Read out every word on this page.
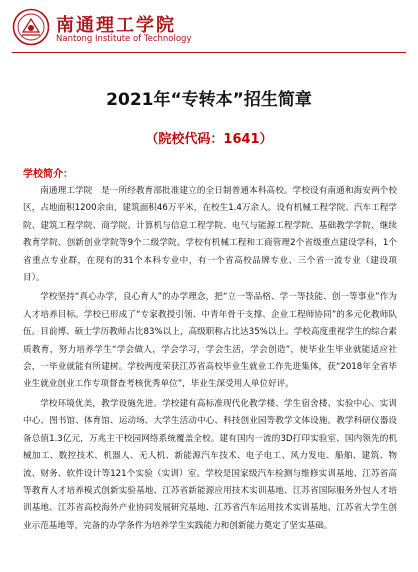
南通理工学院
Nantong Institute of Technology
2021年“专转本”招生简章
（院校代码：1641）
学校简介：

南通理工学院　是一所经教育部批准建立的全日制普通本科高校。学校设有南通和海安两个校区，占地面积1200余亩，建筑面积46万平米，在校生1.4万余人。设有机械工程学院、汽车工程学院、建筑工程学院、商学院、计算机与信息工程学院、电气与能源工程学院、基础教学学院、继续教育学院、创新创业学院等9个二级学院。学校有机械工程和工商管理2个省级重点建设学科，1个省重点专业群，在现有的31个本科专业中，有一个省高校品牌专业、三个省一流专业（建设项目）。

学校坚持“真心办学，良心育人”的办学理念，把“立一等品格、学一等技能、创一等事业”作为人才培养目标。学校已形成了“专家教授引领、中青年骨干支撑、企业工程师协同”的多元化教师队伍。目前博、硕士学历教师占比83%以上，高级职称占比达35%以上。学校高度重视学生的综合素质教育，努力培养学生“学会做人，学会学习，学会生活，学会创造”，使毕业生毕业就能适应社会，一毕业就能有所建树。学校两度荣获江苏省高校毕业生就业工作先进集体，获“2018年全省毕业生就业创业工作专项督查考核优秀单位”，毕业生深受用人单位好评。

学校环境优美，教学设施先进。学校建有高标准现代化教学楼、学生宿舍楼、实验中心、实训中心、图书馆、体育馆、运动场、大学生活动中心、科技创业园等教学文体设施。教学科研仪器设备总值1.3亿元，万兆主干校园网络系统覆盖全校。建有国内一流的3D打印实验室、国内领先的机械加工、数控技术、机器人、无人机、新能源汽车技术、电子电工、风力发电、船舶、建筑、物流、财务、软件设计等121个实验（实训）室。学校是国家级汽车检测与维修实训基地、江苏省高等教育人才培养模式创新实验基地、江苏省新能源应用技术实训基地、江苏省国际服务外包人才培训基地、江苏省高校海外产业协同发展研究基地、江苏省汽车运用技术实训基地、江苏省大学生创业示范基地等，完备的办学条件为培养学生实践能力和创新能力奠定了坚实基础。
